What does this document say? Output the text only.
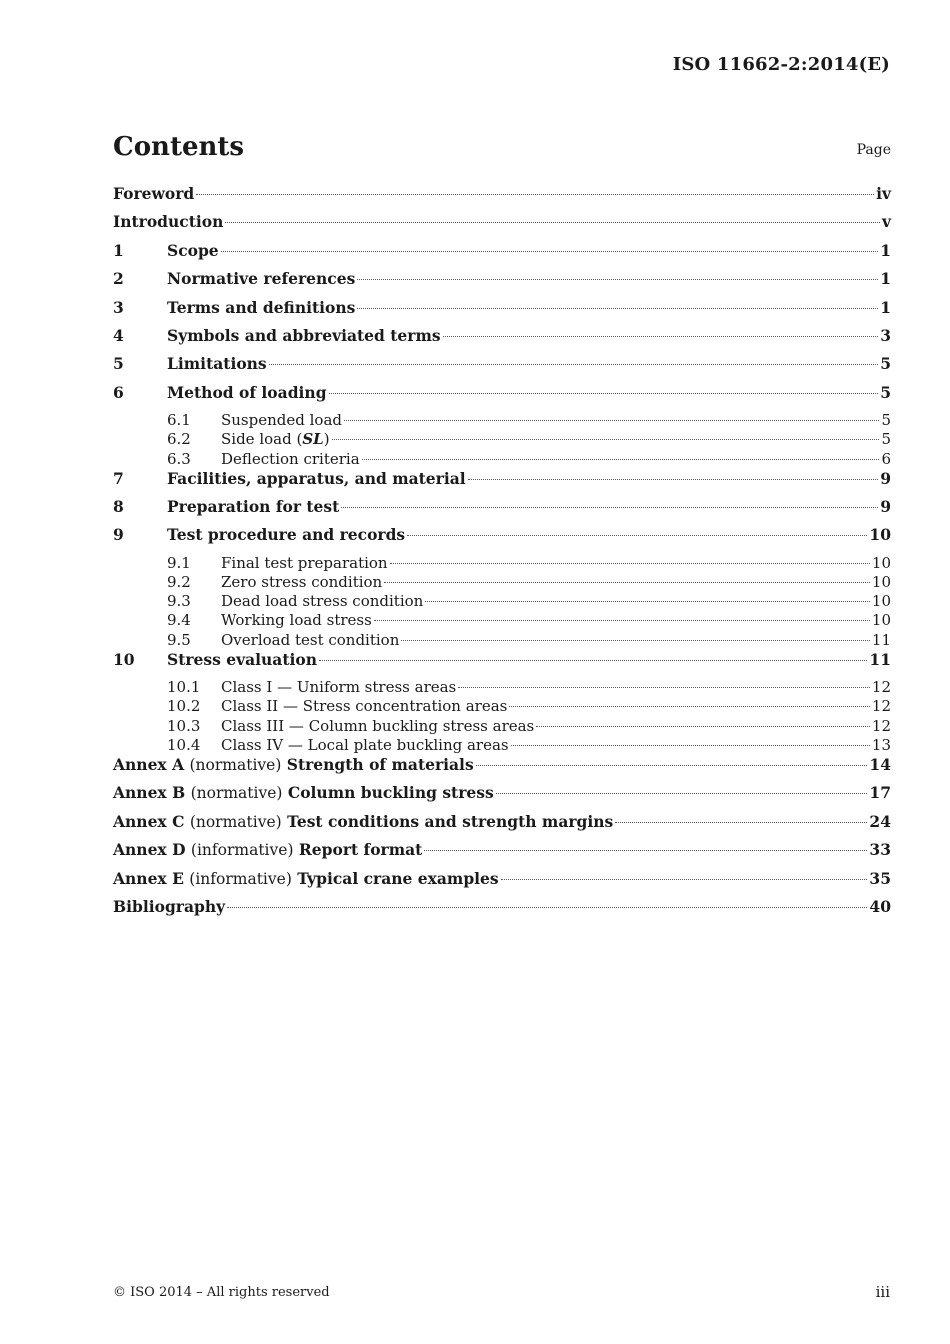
ISO 11662-2:2014(E)
Contents	Page
Foreword	iv
Introduction	v
1	Scope	1
2	Normative references	1
3	Terms and definitions	1
4	Symbols and abbreviated terms	3
5	Limitations	5
6	Method of loading	5
6.1	Suspended load	5
6.2	Side load (SL)	5
6.3	Deflection criteria	6
7	Facilities, apparatus, and material	9
8	Preparation for test	9
9	Test procedure and records	10
9.1	Final test preparation	10
9.2	Zero stress condition	10
9.3	Dead load stress condition	10
9.4	Working load stress	10
9.5	Overload test condition	11
10	Stress evaluation	11
10.1	Class I — Uniform stress areas	12
10.2	Class II — Stress concentration areas	12
10.3	Class III — Column buckling stress areas	12
10.4	Class IV — Local plate buckling areas	13
Annex A (normative) Strength of materials	14
Annex B (normative) Column buckling stress	17
Annex C (normative) Test conditions and strength margins	24
Annex D (informative) Report format	33
Annex E (informative) Typical crane examples	35
Bibliography	40
© ISO 2014 – All rights reserved	iii
